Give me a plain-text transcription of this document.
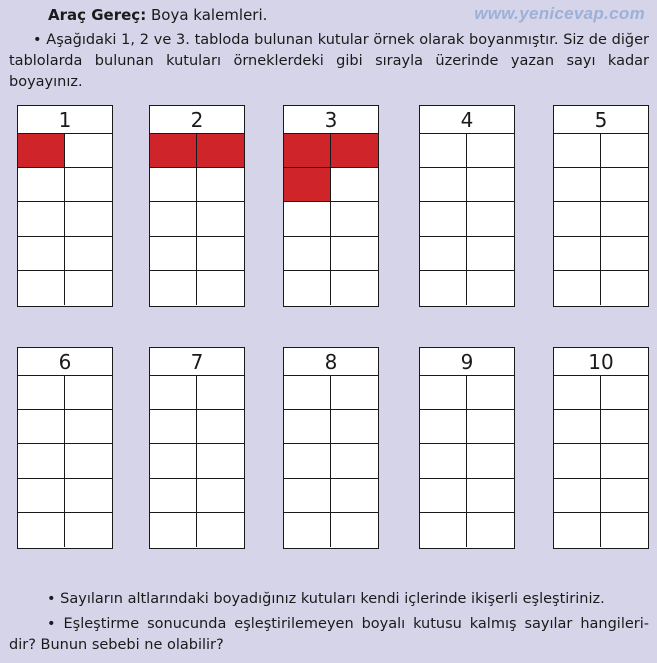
Araç Gereç: Boya kalemleri.	www.yenicevap.com
• Aşağıdaki 1, 2 ve 3. tabloda bulunan kutular örnek olarak boyanmıştır. Siz de diğer tablolarda bulunan kutuları örneklerdeki gibi sırayla üzerinde yazan sayı kadar boyayınız.
1	2	3	4	5
6	7	8	9	10
• Sayıların altlarındaki boyadığınız kutuları kendi içlerinde ikişerli eşleştiriniz.
• Eşleştirme sonucunda eşleştirilemeyen boyalı kutusu kalmış sayılar hangileri-dir? Bunun sebebi ne olabilir?
